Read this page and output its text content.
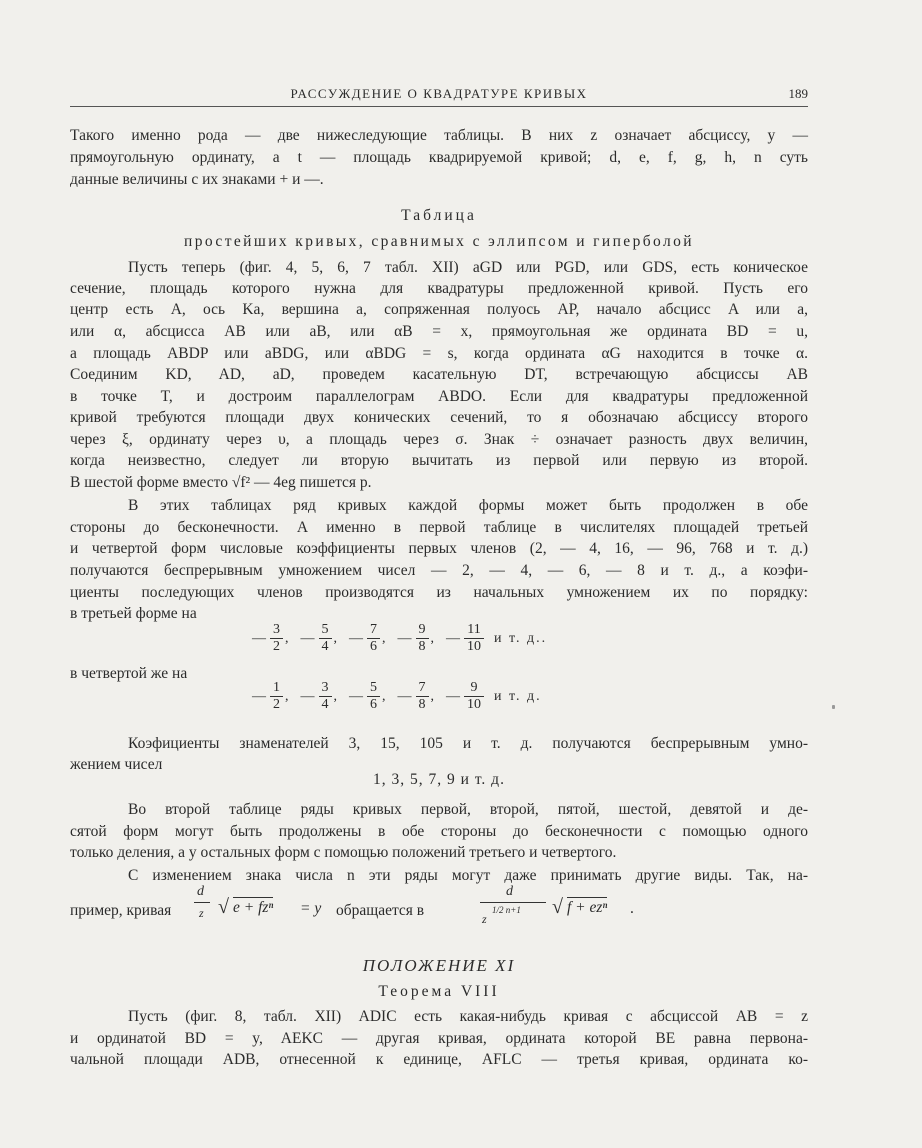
РАССУЖДЕНИЕ О КВАДРАТУРЕ КРИВЫХ	189
Такого именно рода — две нижеследующие таблицы. В них z означает абсциссу, y —
прямоугольную ординату, а t — площадь квадрируемой кривой; d, e, f, g, h, n суть
данные величины с их знаками + и —.
Таблица
простейших кривых, сравнимых с эллипсом и гиперболой
Пусть теперь (фиг. 4, 5, 6, 7 табл. XII) aGD или PGD, или GDS, есть коническое
сечение, площадь которого нужна для квадратуры предложенной кривой. Пусть его
центр есть A, ось Ka, вершина a, сопряженная полуось AP, начало абсцисс A или a,
или α, абсцисса AB или aB, или αB = x, прямоугольная же ордината BD = u,
а площадь ABDP или aBDG, или αBDG = s, когда ордината αG находится в точке α.
Соединим KD, AD, aD, проведем касательную DT, встречающую абсциссы AB
в точке T, и достроим параллелограм ABDO. Если для квадратуры предложенной
кривой требуются площади двух конических сечений, то я обозначаю абсциссу второго
через ξ, ординату через υ, а площадь через σ. Знак ÷ означает разность двух величин,
когда неизвестно, следует ли вторую вычитать из первой или первую из второй.
В шестой форме вместо √f² — 4eg пишется p.
В этих таблицах ряд кривых каждой формы может быть продолжен в обе
стороны до бесконечности. А именно в первой таблице в числителях площадей третьей
и четвертой форм числовые коэффициенты первых членов (2, — 4, 16, — 96, 768 и т. д.)
получаются беспрерывным умножением чисел — 2, — 4, — 6, — 8 и т. д., а коэфи-
циенты последующих членов производятся из начальных умножением их по порядку:
в третьей форме на
— $\frac{3}{2}$ , — $\frac{5}{4}$ , — $\frac{7}{6}$ , — $\frac{9}{8}$ , — $\frac{11}{10}$ и т. д..
в четвертой же на
— $\frac{1}{2}$ , — $\frac{3}{4}$ , — $\frac{5}{6}$ , — $\frac{7}{8}$ , — $\frac{9}{10}$ и т. д.
Коэфициенты знаменателей 3, 15, 105 и т. д. получаются беспрерывным умно-
жением чисел
1, 3, 5, 7, 9 и т. д.
Во второй таблице ряды кривых первой, второй, пятой, шестой, девятой и де-
сятой форм могут быть продолжены в обе стороны до бесконечности с помощью одного
только деления, а у остальных форм с помощью положений третьего и четвертого.
С изменением знака числа n эти ряды могут даже принимать другие виды. Так, на-
пример, кривая
d
z √ e + fzⁿ = y обращается в
d
z
1/2 n+1 √ f + ezⁿ .
ПОЛОЖЕНИЕ XI
Теорема VIII
Пусть (фиг. 8, табл. XII) ADIC есть какая-нибудь кривая с абсциссой AB = z
и ординатой BD = y, AEKC — другая кривая, ордината которой BE равна первона-
чальной площади ADB, отнесенной к единице, AFLC — третья кривая, ордината ко-
